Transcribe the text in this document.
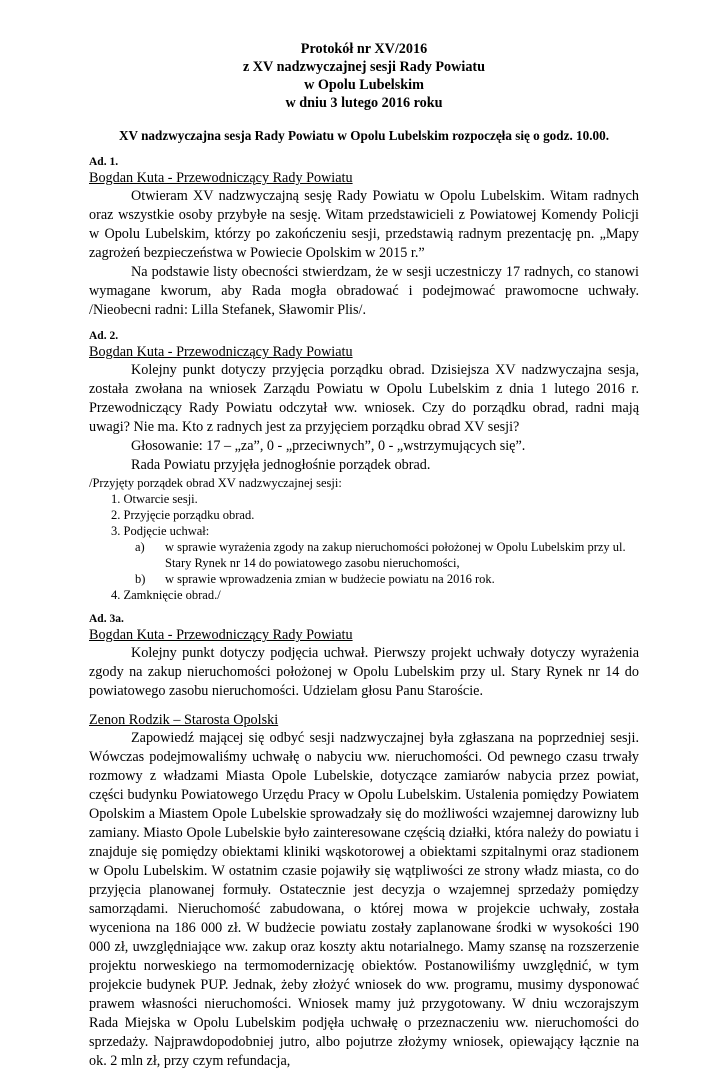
Protokół nr XV/2016
z XV nadzwyczajnej sesji Rady Powiatu
w Opolu Lubelskim
w dniu 3 lutego 2016 roku
XV nadzwyczajna sesja Rady Powiatu w Opolu Lubelskim rozpoczęła się o godz. 10.00.
Ad. 1.
Bogdan Kuta - Przewodniczący Rady Powiatu
Otwieram XV nadzwyczajną sesję Rady Powiatu w Opolu Lubelskim. Witam radnych oraz wszystkie osoby przybyłe na sesję. Witam przedstawicieli z Powiatowej Komendy Policji w Opolu Lubelskim, którzy po zakończeniu sesji, przedstawią radnym prezentację pn. „Mapy zagrożeń bezpieczeństwa w Powiecie Opolskim w 2015 r.”
Na podstawie listy obecności stwierdzam, że w sesji uczestniczy 17 radnych, co stanowi wymagane kworum, aby Rada mogła obradować i podejmować prawomocne uchwały. /Nieobecni radni: Lilla Stefanek, Sławomir Plis/.
Ad. 2.
Bogdan Kuta - Przewodniczący Rady Powiatu
Kolejny punkt dotyczy przyjęcia porządku obrad. Dzisiejsza XV nadzwyczajna sesja, została zwołana na wniosek Zarządu Powiatu w Opolu Lubelskim z dnia 1 lutego 2016 r. Przewodniczący Rady Powiatu odczytał ww. wniosek. Czy do porządku obrad, radni mają uwagi? Nie ma. Kto z radnych jest za przyjęciem porządku obrad XV sesji?
Głosowanie: 17 – „za”, 0 - „przeciwnych”, 0 - „wstrzymujących się”.
Rada Powiatu przyjęła jednogłośnie porządek obrad.
/Przyjęty porządek obrad XV nadzwyczajnej sesji:
1. Otwarcie sesji.
2. Przyjęcie porządku obrad.
3. Podjęcie uchwał:
a)	w sprawie wyrażenia zgody na zakup nieruchomości położonej w Opolu Lubelskim przy ul. Stary Rynek nr 14 do powiatowego zasobu nieruchomości,
b)	w sprawie wprowadzenia zmian w budżecie powiatu na 2016 rok.
4. Zamknięcie obrad./
Ad. 3a.
Bogdan Kuta - Przewodniczący Rady Powiatu
Kolejny punkt dotyczy podjęcia uchwał. Pierwszy projekt uchwały dotyczy wyrażenia zgody na zakup nieruchomości położonej w Opolu Lubelskim przy ul. Stary Rynek nr 14 do powiatowego zasobu nieruchomości. Udzielam głosu Panu Staroście.
Zenon Rodzik – Starosta Opolski
Zapowiedź mającej się odbyć sesji nadzwyczajnej była zgłaszana na poprzedniej sesji. Wówczas podejmowaliśmy uchwałę o nabyciu ww. nieruchomości. Od pewnego czasu trwały rozmowy z władzami Miasta Opole Lubelskie, dotyczące zamiarów nabycia przez powiat, części budynku Powiatowego Urzędu Pracy w Opolu Lubelskim. Ustalenia pomiędzy Powiatem Opolskim a Miastem Opole Lubelskie sprowadzały się do możliwości wzajemnej darowizny lub zamiany. Miasto Opole Lubelskie było zainteresowane częścią działki, która należy do powiatu i znajduje się pomiędzy obiektami kliniki wąskotorowej a obiektami szpitalnymi oraz stadionem w Opolu Lubelskim. W ostatnim czasie pojawiły się wątpliwości ze strony władz miasta, co do przyjęcia planowanej formuły. Ostatecznie jest decyzja o wzajemnej sprzedaży pomiędzy samorządami. Nieruchomość zabudowana, o której mowa w projekcie uchwały, została wyceniona na 186 000 zł. W budżecie powiatu zostały zaplanowane środki w wysokości 190 000 zł, uwzględniające ww. zakup oraz koszty aktu notarialnego. Mamy szansę na rozszerzenie projektu norweskiego na termomodernizację obiektów. Postanowiliśmy uwzględnić, w tym projekcie budynek PUP. Jednak, żeby złożyć wniosek do ww. programu, musimy dysponować prawem własności nieruchomości. Wniosek mamy już przygotowany. W dniu wczorajszym Rada Miejska w Opolu Lubelskim podjęła uchwałę o przeznaczeniu ww. nieruchomości do sprzedaży. Najprawdopodobniej jutro, albo pojutrze złożymy wniosek, opiewający łącznie na ok. 2 mln zł, przy czym refundacja,
